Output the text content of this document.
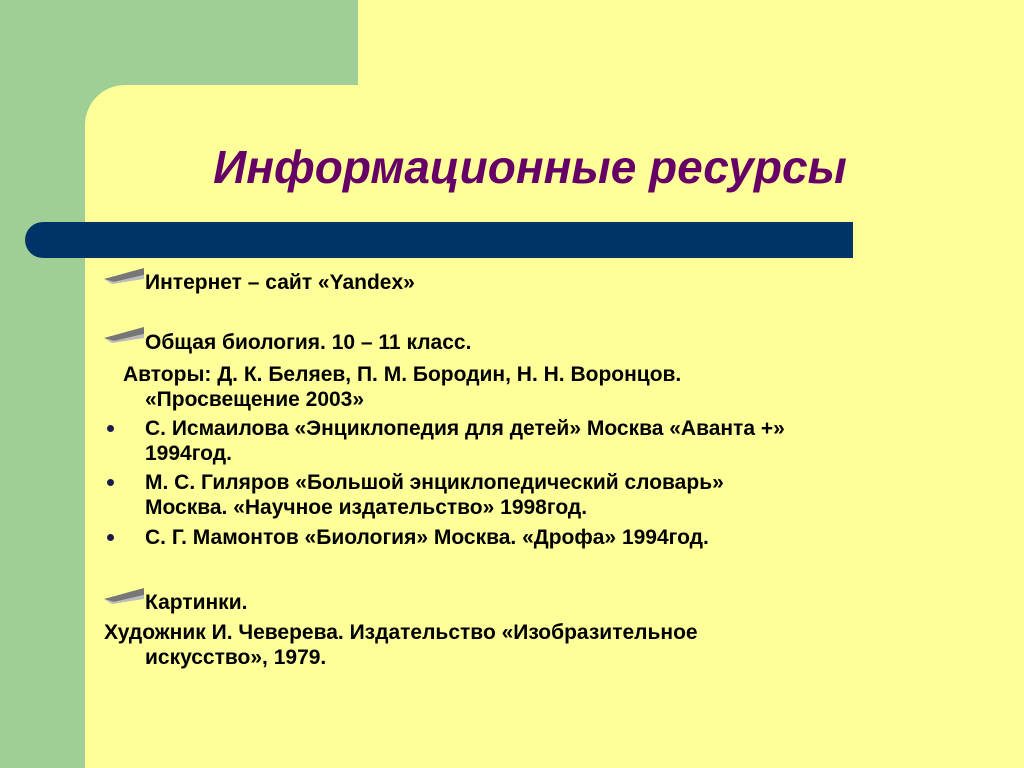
Информационные ресурсы
Интернет – сайт «Yandex»
Общая биология. 10 – 11 класс.
Авторы: Д. К. Беляев, П. М. Бородин, Н. Н. Воронцов.
«Просвещение 2003»
С. Исмаилова «Энциклопедия для детей» Москва «Аванта +»
1994год.
М. С. Гиляров «Большой энциклопедический словарь»
Москва. «Научное издательство» 1998год.
С. Г. Мамонтов «Биология» Москва. «Дрофа» 1994год.
Картинки.
Художник И. Чеверева. Издательство «Изобразительное
искусство», 1979.
